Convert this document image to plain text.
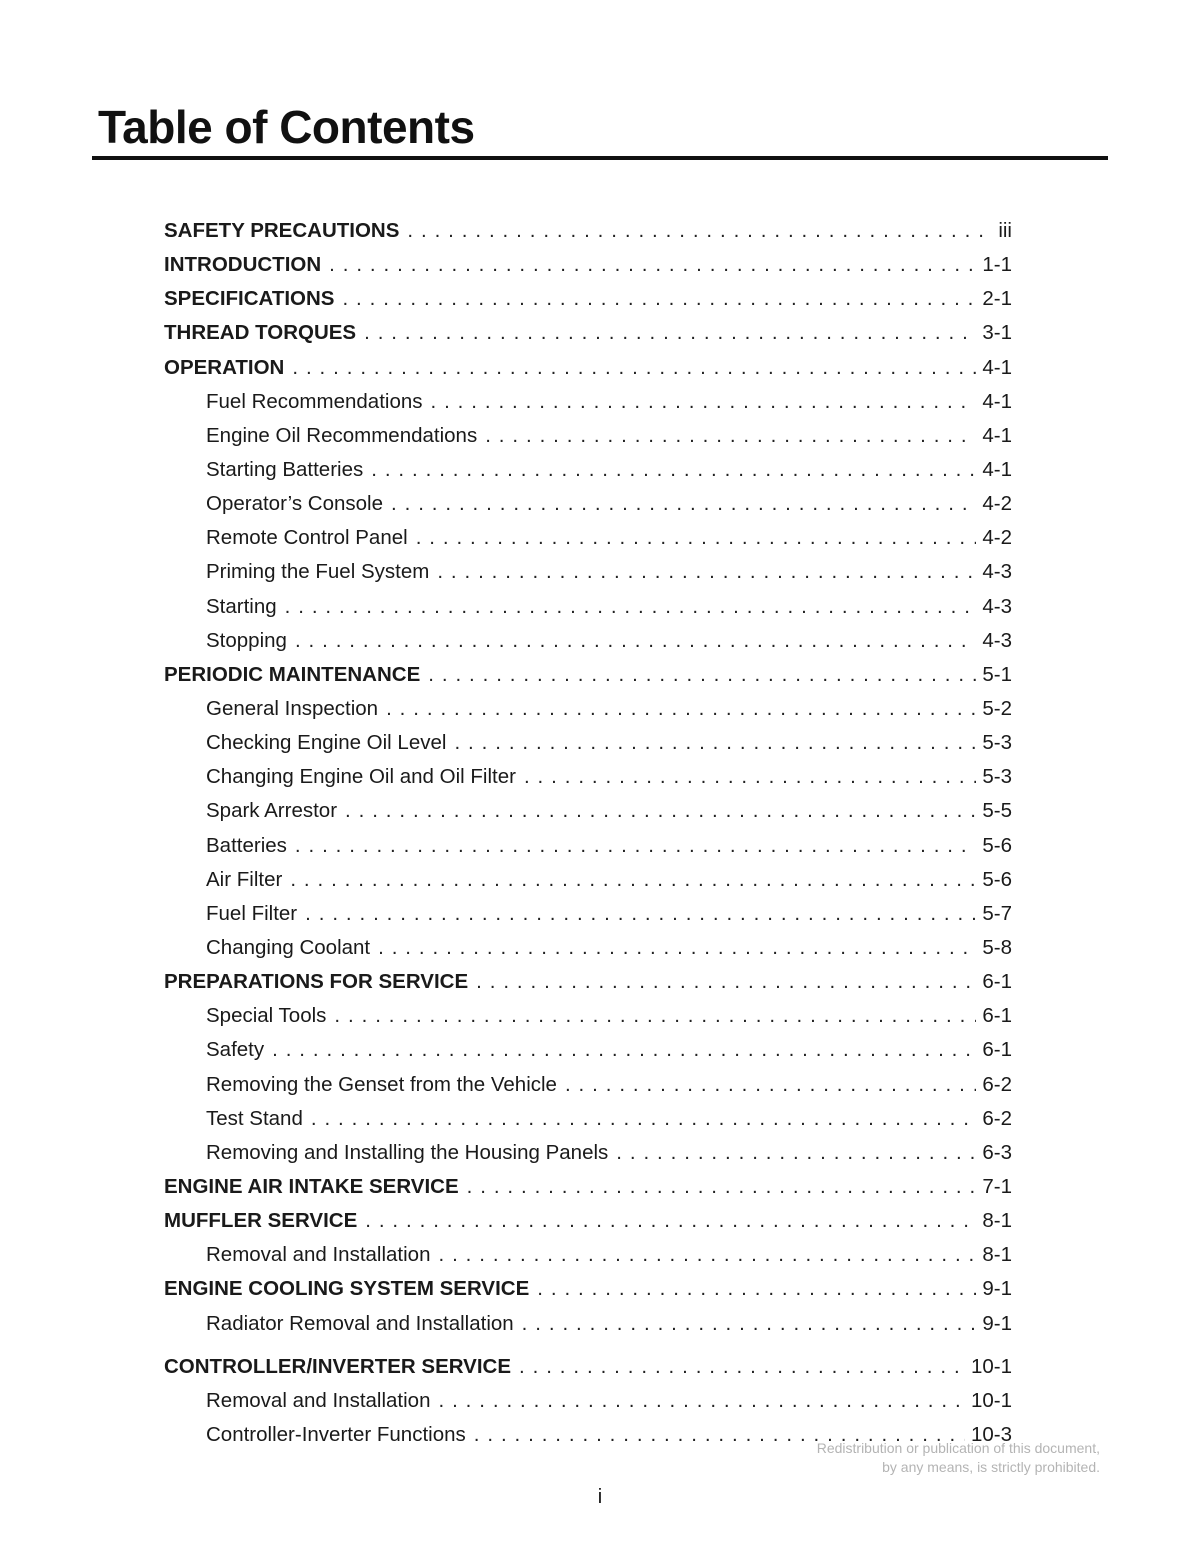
Table of Contents
SAFETY PRECAUTIONS . . .	iii
INTRODUCTION . . .	1-1
SPECIFICATIONS . . .	2-1
THREAD TORQUES . . .	3-1
OPERATION . . .	4-1
Fuel Recommendations . . .	4-1
Engine Oil Recommendations . . .	4-1
Starting Batteries . . .	4-1
Operator’s Console . . .	4-2
Remote Control Panel . . .	4-2
Priming the Fuel System . . .	4-3
Starting . . .	4-3
Stopping . . .	4-3
PERIODIC MAINTENANCE . . .	5-1
General Inspection . . .	5-2
Checking Engine Oil Level . . .	5-3
Changing Engine Oil and Oil Filter . . .	5-3
Spark Arrestor . . .	5-5
Batteries . . .	5-6
Air Filter . . .	5-6
Fuel Filter . . .	5-7
Changing Coolant . . .	5-8
PREPARATIONS FOR SERVICE . . .	6-1
Special Tools . . .	6-1
Safety . . .	6-1
Removing the Genset from the Vehicle . . .	6-2
Test Stand . . .	6-2
Removing and Installing the Housing Panels . . .	6-3
ENGINE AIR INTAKE SERVICE . . .	7-1
MUFFLER SERVICE . . .	8-1
Removal and Installation . . .	8-1
ENGINE COOLING SYSTEM SERVICE . . .	9-1
Radiator Removal and Installation . . .	9-1
CONTROLLER/INVERTER SERVICE . . .	10-1
Removal and Installation . . .	10-1
Controller-Inverter Functions . . .	10-3
Redistribution or publication of this document,
by any means, is strictly prohibited.
i
